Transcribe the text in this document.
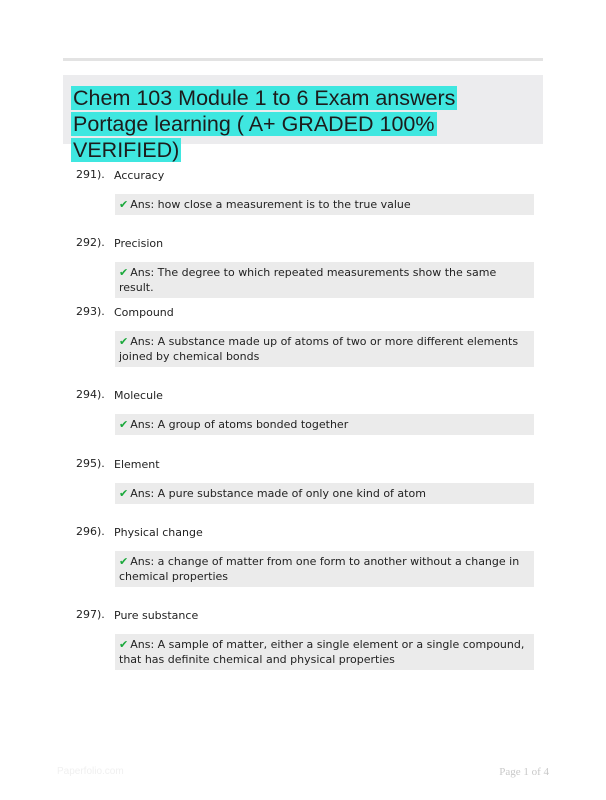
Chem 103 Module 1 to 6 Exam answers Portage learning ( A+ GRADED 100% VERIFIED)
291). Accuracy
✔ Ans: how close a measurement is to the true value
292). Precision
✔ Ans: The degree to which repeated measurements show the same result.
293). Compound
✔ Ans: A substance made up of atoms of two or more different elements joined by chemical bonds
294). Molecule
✔ Ans: A group of atoms bonded together
295). Element
✔ Ans: A pure substance made of only one kind of atom
296). Physical change
✔ Ans: a change of matter from one form to another without a change in chemical properties
297). Pure substance
✔ Ans: A sample of matter, either a single element or a single compound, that has definite chemical and physical properties
Paperfolio.com	Page 1 of 4
